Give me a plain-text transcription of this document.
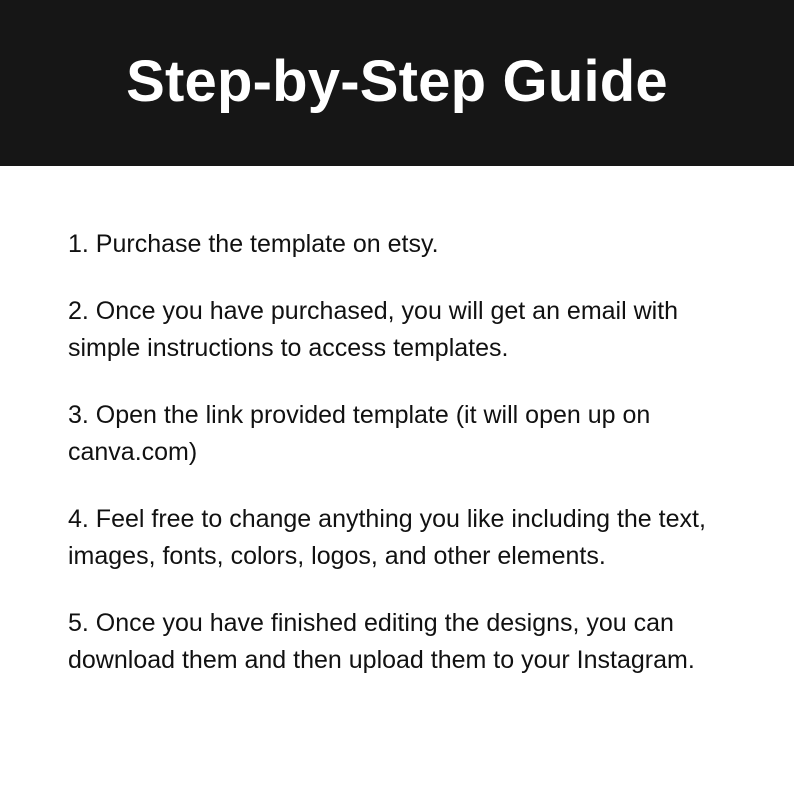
Step-by-Step Guide
1. Purchase the template on etsy.
2. Once you have purchased, you will get an email with simple instructions to access templates.
3. Open the link provided template (it will open up on canva.com)
4. Feel free to change anything you like including the text, images, fonts, colors, logos, and other elements.
5. Once you have finished editing the designs, you can download them and then upload them to your Instagram.
